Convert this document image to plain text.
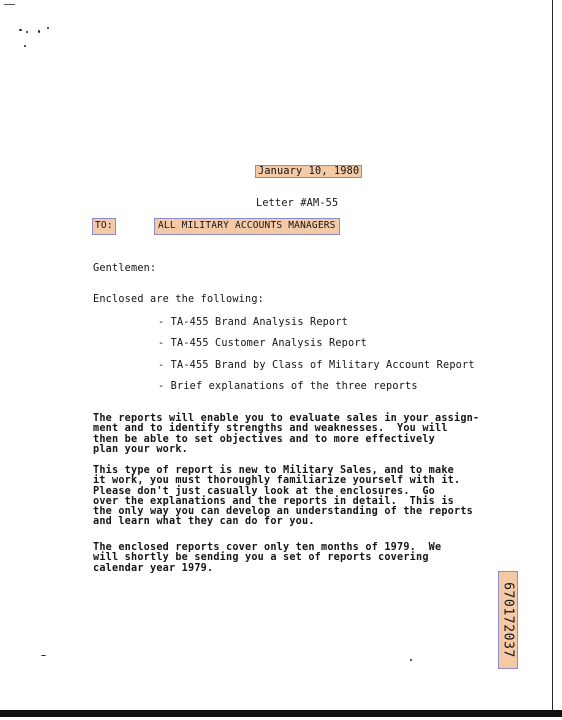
January 10, 1980

Letter #AM-55

TO:	ALL MILITARY ACCOUNTS MANAGERS
Gentlemen:
Enclosed are the following:
- TA-455 Brand Analysis Report
- TA-455 Customer Analysis Report
- TA-455 Brand by Class of Military Account Report
- Brief explanations of the three reports
The reports will enable you to evaluate sales in your assign-
ment and to identify strengths and weaknesses.  You will
then be able to set objectives and to more effectively
plan your work.
This type of report is new to Military Sales, and to make
it work, you must thoroughly familiarize yourself with it.
Please don't just casually look at the enclosures.  Go
over the explanations and the reports in detail.  This is
the only way you can develop an understanding of the reports
and learn what they can do for you.
The enclosed reports cover only ten months of 1979.  We
will shortly be sending you a set of reports covering
calendar year 1979.
670172037
